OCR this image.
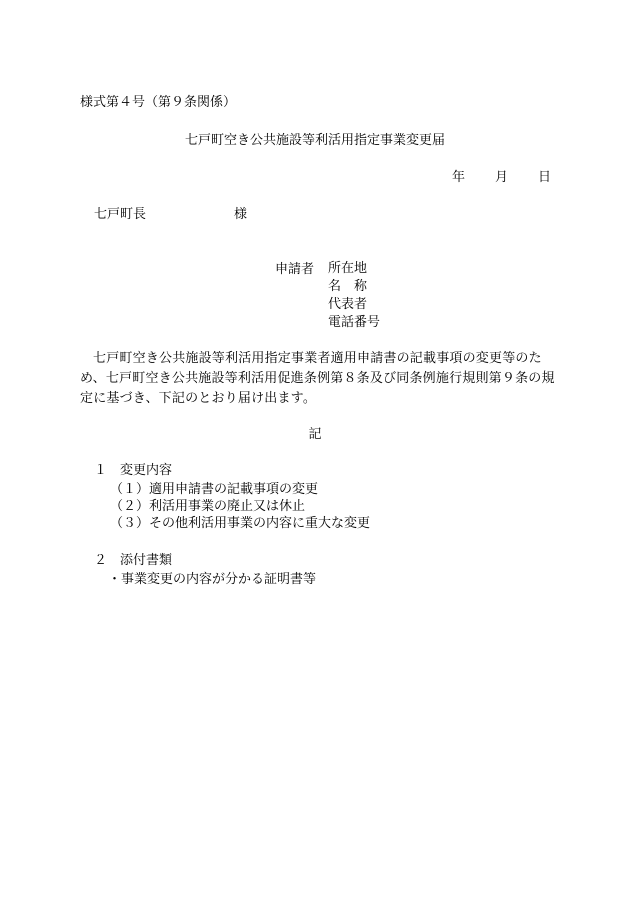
様式第４号（第９条関係）
七戸町空き公共施設等利活用指定事業変更届
年 月 日
七戸町長	様
申請者 所在地
名　称
代表者
電話番号
七戸町空き公共施設等利活用指定事業者適用申請書の記載事項の変更等のため、七戸町空き公共施設等利活用促進条例第８条及び同条例施行規則第９条の規定に基づき、下記のとおり届け出ます。
記
１ 変更内容
（１）適用申請書の記載事項の変更
（２）利活用事業の廃止又は休止
（３）その他利活用事業の内容に重大な変更
２ 添付書類
・事業変更の内容が分かる証明書等
